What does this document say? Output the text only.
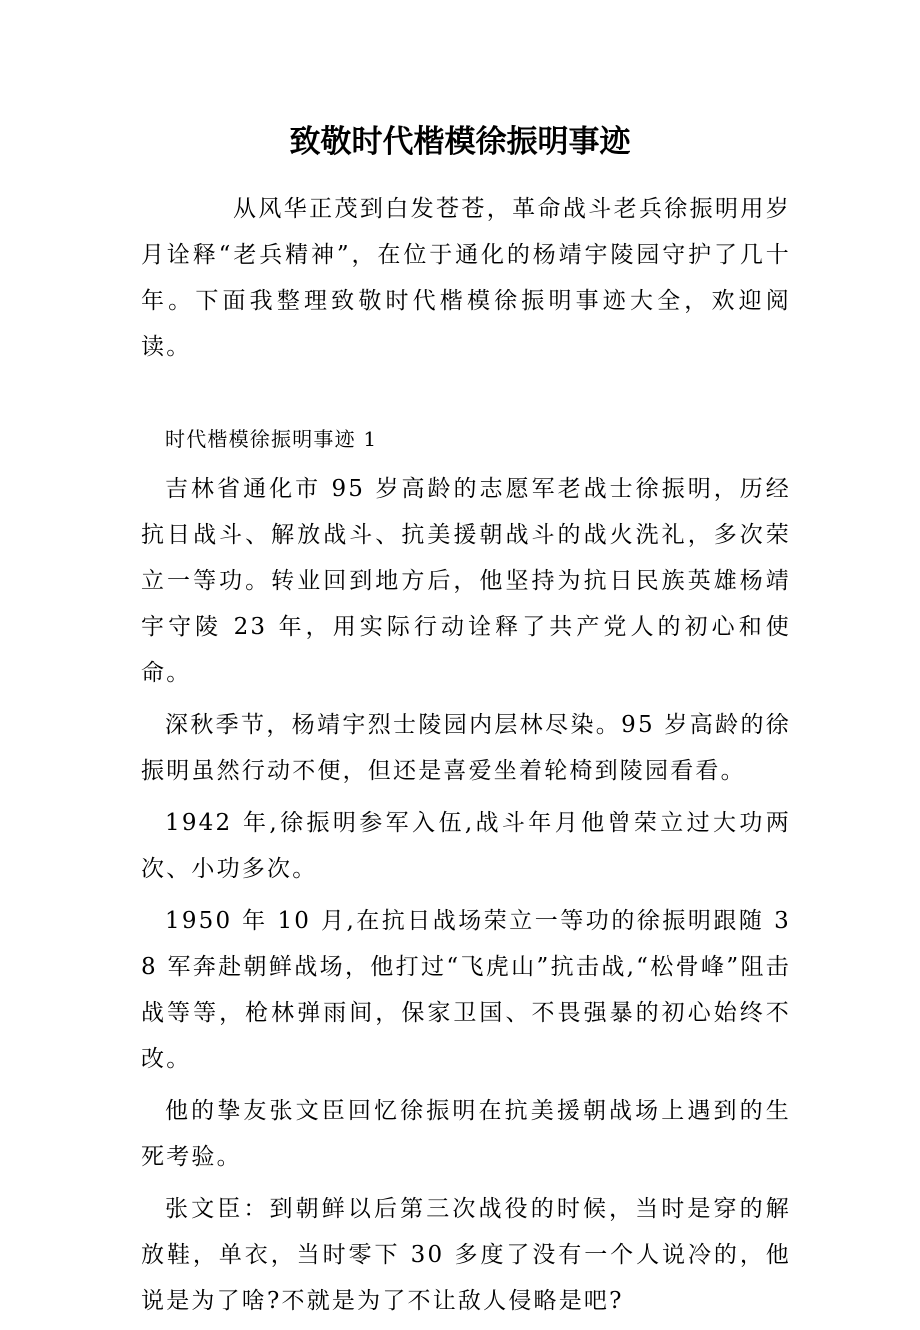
致敬时代楷模徐振明事迹

从风华正茂到白发苍苍，革命战斗老兵徐振明用岁月诠释“老兵精神”，在位于通化的杨靖宇陵园守护了几十年。下面我整理致敬时代楷模徐振明事迹大全，欢迎阅读。

时代楷模徐振明事迹 1

吉林省通化市 95 岁高龄的志愿军老战士徐振明，历经抗日战斗、解放战斗、抗美援朝战斗的战火洗礼，多次荣立一等功。转业回到地方后，他坚持为抗日民族英雄杨靖宇守陵 23 年，用实际行动诠释了共产党人的初心和使命。

深秋季节，杨靖宇烈士陵园内层林尽染。95 岁高龄的徐振明虽然行动不便，但还是喜爱坐着轮椅到陵园看看。

1942 年,徐振明参军入伍,战斗年月他曾荣立过大功两次、小功多次。

1950 年 10 月,在抗日战场荣立一等功的徐振明跟随 38 军奔赴朝鲜战场，他打过“飞虎山”抗击战,“松骨峰”阻击战等等，枪林弹雨间，保家卫国、不畏强暴的初心始终不改。

他的挚友张文臣回忆徐振明在抗美援朝战场上遇到的生死考验。

张文臣：到朝鲜以后第三次战役的时候，当时是穿的解放鞋，单衣，当时零下 30 多度了没有一个人说冷的，他说是为了啥?不就是为了不让敌人侵略是吧?
